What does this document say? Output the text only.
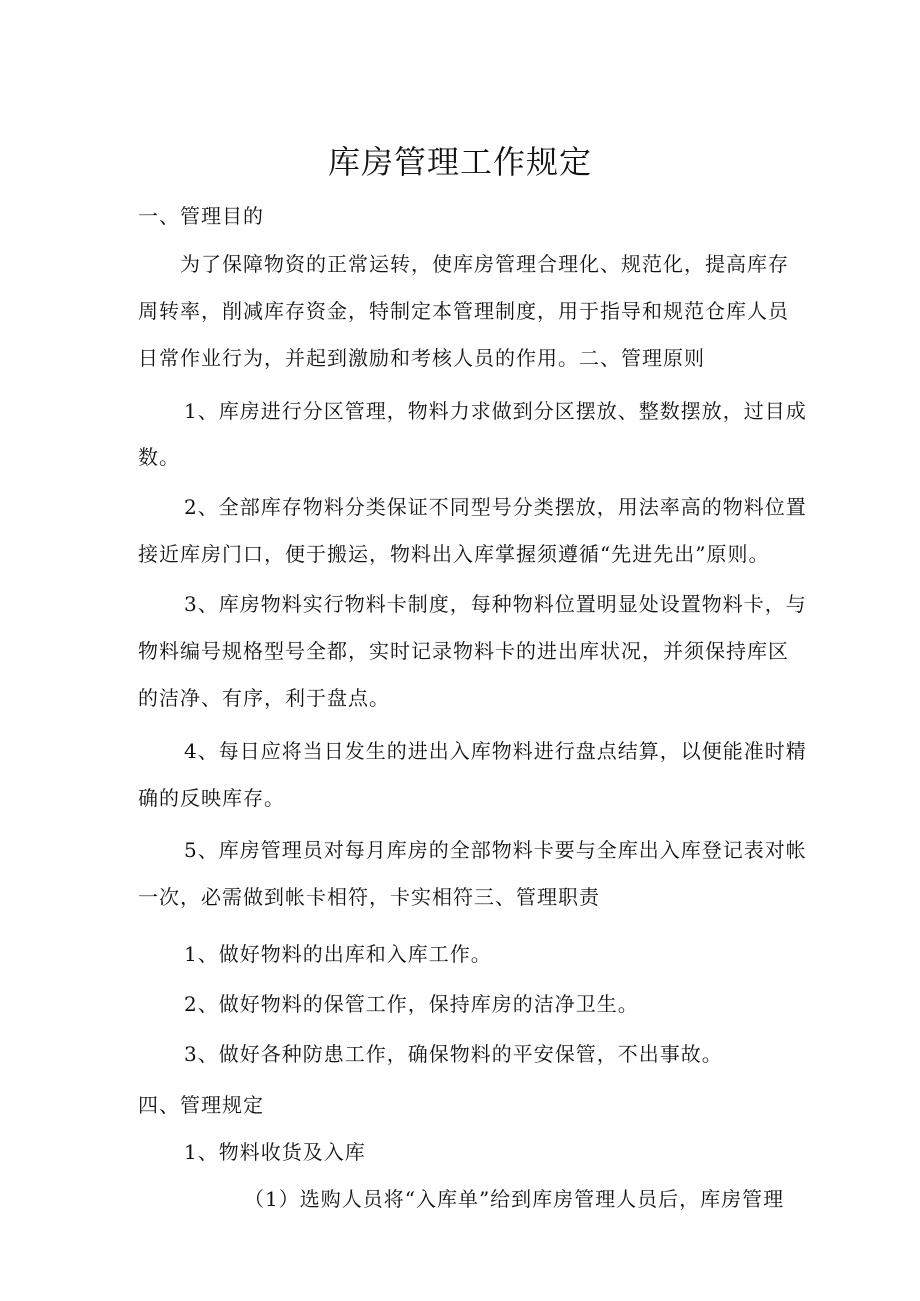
库房管理工作规定
一、管理目的
为了保障物资的正常运转，使库房管理合理化、规范化，提高库存
周转率，削减库存资金，特制定本管理制度，用于指导和规范仓库人员
日常作业行为，并起到激励和考核人员的作用。二、管理原则
1、库房进行分区管理，物料力求做到分区摆放、整数摆放，过目成
数。
2、全部库存物料分类保证不同型号分类摆放，用法率高的物料位置
接近库房门口，便于搬运，物料出入库掌握须遵循“先进先出”原则。
3、库房物料实行物料卡制度，每种物料位置明显处设置物料卡，与
物料编号规格型号全都，实时记录物料卡的进出库状况，并须保持库区
的洁净、有序，利于盘点。
4、每日应将当日发生的进出入库物料进行盘点结算，以便能准时精
确的反映库存。
5、库房管理员对每月库房的全部物料卡要与全库出入库登记表对帐
一次，必需做到帐卡相符，卡实相符三、管理职责
1、做好物料的出库和入库工作。
2、做好物料的保管工作，保持库房的洁净卫生。
3、做好各种防患工作，确保物料的平安保管，不出事故。
四、管理规定
1、物料收货及入库
（1）选购人员将“入库单”给到库房管理人员后，库房管理
